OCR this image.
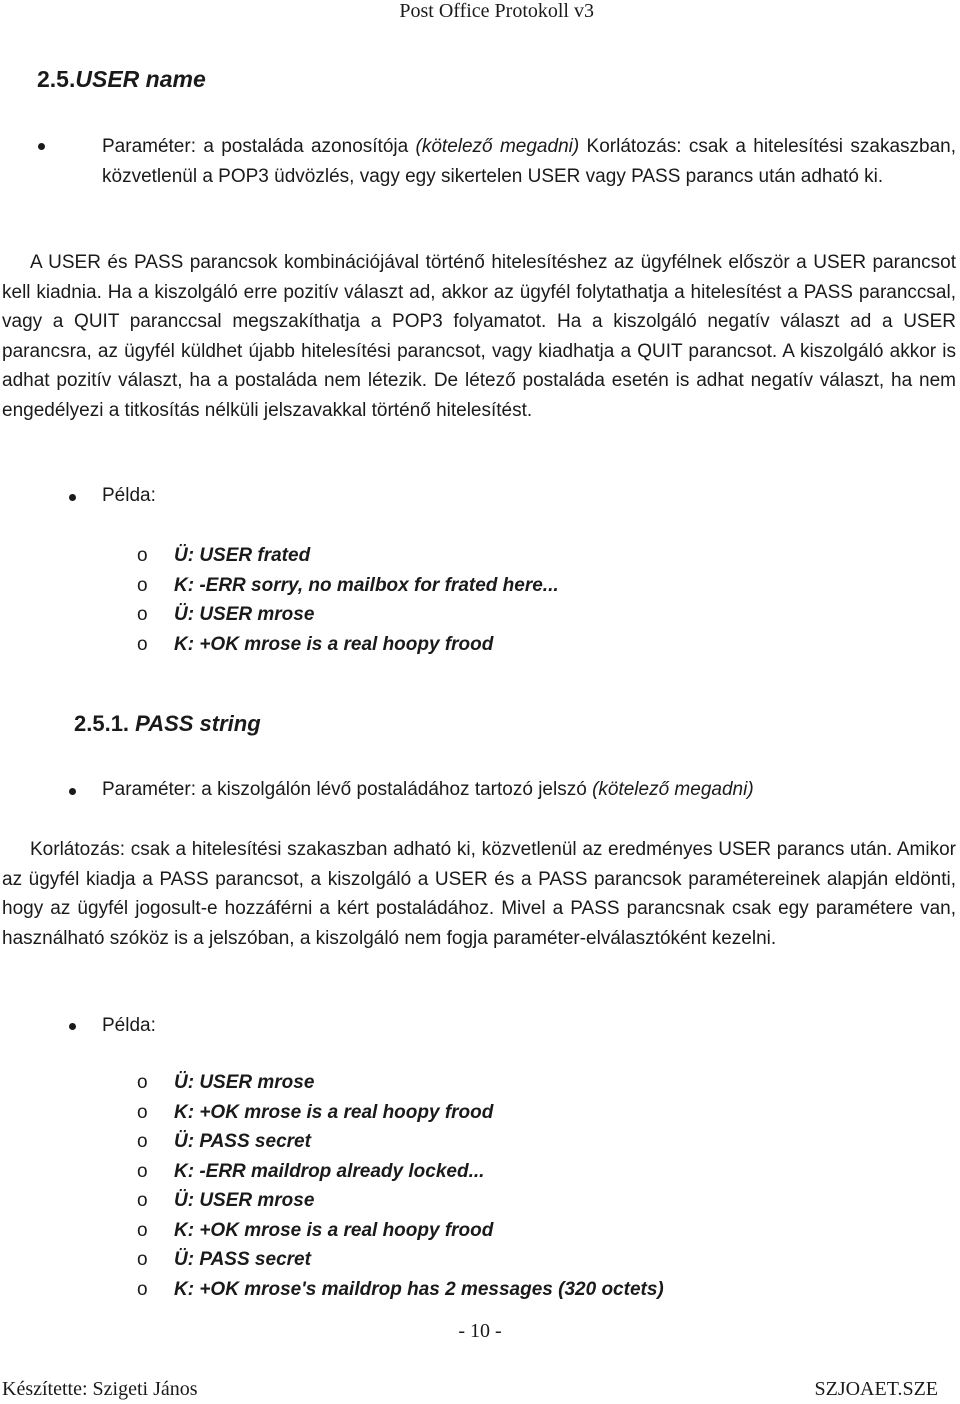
Post Office Protokoll v3
2.5.USER name
Paraméter: a postaláda azonosítója (kötelező megadni) Korlátozás: csak a hitelesítési szakaszban, közvetlenül a POP3 üdvözlés, vagy egy sikertelen USER vagy PASS parancs után adható ki.

A USER és PASS parancsok kombinációjával történő hitelesítéshez az ügyfélnek először a USER parancsot kell kiadnia. Ha a kiszolgáló erre pozitív választ ad, akkor az ügyfél folytathatja a hitelesítést a PASS paranccsal, vagy a QUIT paranccsal megszakíthatja a POP3 folyamatot. Ha a kiszolgáló negatív választ ad a USER parancsra, az ügyfél küldhet újabb hitelesítési parancsot, vagy kiadhatja a QUIT parancsot. A kiszolgáló akkor is adhat pozitív választ, ha a postaláda nem létezik. De létező postaláda esetén is adhat negatív választ, ha nem engedélyezi a titkosítás nélküli jelszavakkal történő hitelesítést.

Példa:
o Ü: USER frated
o K: -ERR sorry, no mailbox for frated here...
o Ü: USER mrose
o K: +OK mrose is a real hoopy frood
2.5.1. PASS string
Paraméter: a kiszolgálón lévő postaládához tartozó jelszó (kötelező megadni)

Korlátozás: csak a hitelesítési szakaszban adható ki, közvetlenül az eredményes USER parancs után. Amikor az ügyfél kiadja a PASS parancsot, a kiszolgáló a USER és a PASS parancsok paramétereinek alapján eldönti, hogy az ügyfél jogosult-e hozzáférni a kért postaládához. Mivel a PASS parancsnak csak egy paramétere van, használható szóköz is a jelszóban, a kiszolgáló nem fogja paraméter-elválasztóként kezelni.

Példa:
o Ü: USER mrose
o K: +OK mrose is a real hoopy frood
o Ü: PASS secret
o K: -ERR maildrop already locked...
o Ü: USER mrose
o K: +OK mrose is a real hoopy frood
o Ü: PASS secret
o K: +OK mrose's maildrop has 2 messages (320 octets)
- 10 -
Készítette: Szigeti János	SZJOAET.SZE
